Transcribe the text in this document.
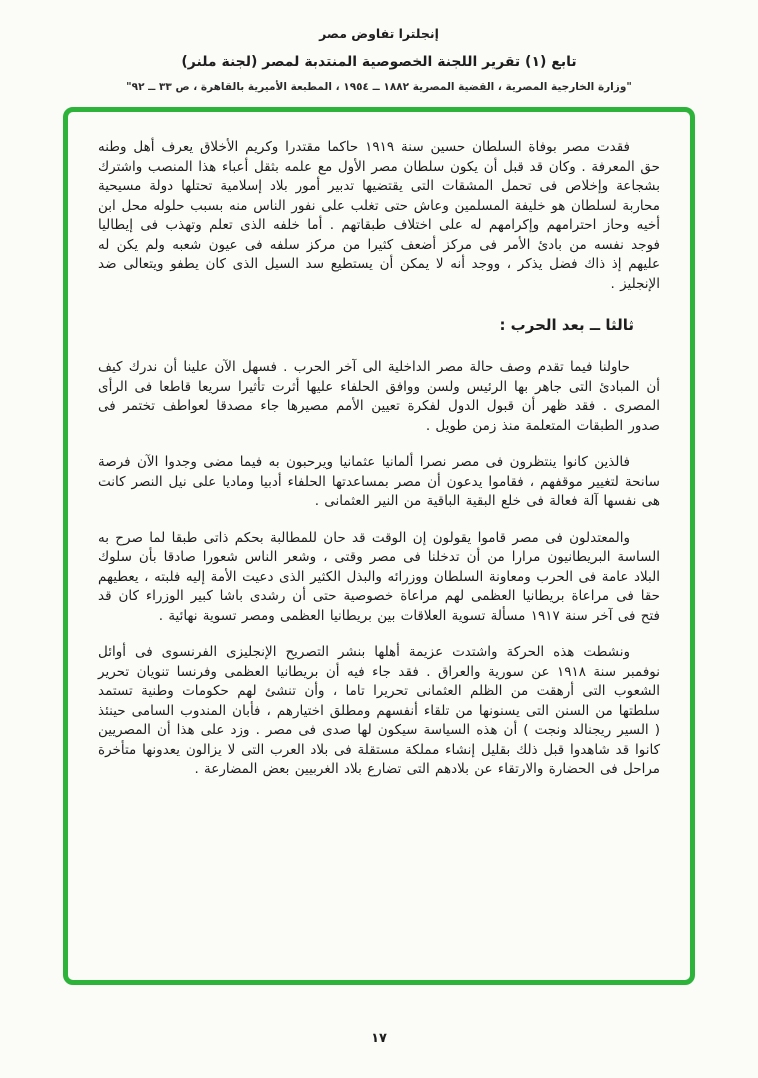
إنجلترا تفاوض مصر
تابع (١) تقرير اللجنة الخصوصية المنتدبة لمصر (لجنة ملنر)
"وزارة الخارجية المصرية ، القضية المصرية ١٨٨٢ ــ ١٩٥٤ ، المطبعة الأميرية بالقاهرة ، ص ٣٣ ــ ٩٢"

فقدت مصر بوفاة السلطان حسين سنة ١٩١٩ حاكما مقتدرا وكريم الأخلاق يعرف أهل وطنه حق المعرفة . وكان قد قبل أن يكون سلطان مصر الأول مع علمه بثقل أعباء هذا المنصب واشترك بشجاعة وإخلاص فى تحمل المشقات التى يقتضيها تدبير أمور بلاد إسلامية تحتلها دولة مسيحية محاربة لسلطان هو خليفة المسلمين وعاش حتى تغلب على نفور الناس منه بسبب حلوله محل ابن أخيه وحاز احترامهم وإكرامهم له على اختلاف طبقاتهم . أما خلفه الذى تعلم وتهذب فى إيطاليا فوجد نفسه من بادئ الأمر فى مركز أضعف كثيرا من مركز سلفه فى عيون شعبه ولم يكن له عليهم إذ ذاك فضل يذكر ، ووجد أنه لا يمكن أن يستطيع سد السيل الذى كان يطفو ويتعالى ضد الإنجليز .

ثالثا ــ بعد الحرب :

حاولنا فيما تقدم وصف حالة مصر الداخلية الى آخر الحرب . فسهل الآن علينا أن ندرك كيف أن المبادئ التى جاهر بها الرئيس ولسن ووافق الحلفاء عليها أثرت تأثيرا سريعا قاطعا فى الرأى المصرى . فقد ظهر أن قبول الدول لفكرة تعيين الأمم مصيرها جاء مصدقا لعواطف تختمر فى صدور الطبقات المتعلمة منذ زمن طويل .

فالذين كانوا ينتظرون فى مصر نصرا ألمانيا عثمانيا ويرحبون به فيما مضى وجدوا الآن فرصة سانحة لتغيير موقفهم ، فقاموا يدعون أن مصر بمساعدتها الحلفاء أدبيا وماديا على نيل النصر كانت هى نفسها آلة فعالة فى خلع البقية الباقية من النير العثمانى .

والمعتدلون فى مصر قاموا يقولون إن الوقت قد حان للمطالبة بحكم ذاتى طبقا لما صرح به الساسة البريطانيون مرارا من أن تدخلنا فى مصر وقتى ، وشعر الناس شعورا صادقا بأن سلوك البلاد عامة فى الحرب ومعاونة السلطان ووزرائه والبذل الكثير الذى دعيت الأمة إليه فلبته ، يعطيهم حقا فى مراعاة بريطانيا العظمى لهم مراعاة خصوصية حتى أن رشدى باشا كبير الوزراء كان قد فتح فى آخر سنة ١٩١٧ مسألة تسوية العلاقات بين بريطانيا العظمى ومصر تسوية نهائية .

ونشطت هذه الحركة واشتدت عزيمة أهلها بنشر التصريح الإنجليزى الفرنسوى فى أوائل نوفمبر سنة ١٩١٨ عن سورية والعراق . فقد جاء فيه أن بريطانيا العظمى وفرنسا تنويان تحرير الشعوب التى أرهقت من الظلم العثمانى تحريرا تاما ، وأن تنشئ لهم حكومات وطنية تستمد سلطتها من السنن التى يسنونها من تلقاء أنفسهم ومطلق اختيارهم ، فأبان المندوب السامى حينئذ ( السير ريجنالد ونجت ) أن هذه السياسة سيكون لها صدى فى مصر . وزد على هذا أن المصريين كانوا قد شاهدوا قبل ذلك بقليل إنشاء مملكة مستقلة فى بلاد العرب التى لا يزالون يعدونها متأخرة مراحل فى الحضارة والارتقاء عن بلادهم التى تضارع بلاد الغربيين بعض المضارعة .

١٧
